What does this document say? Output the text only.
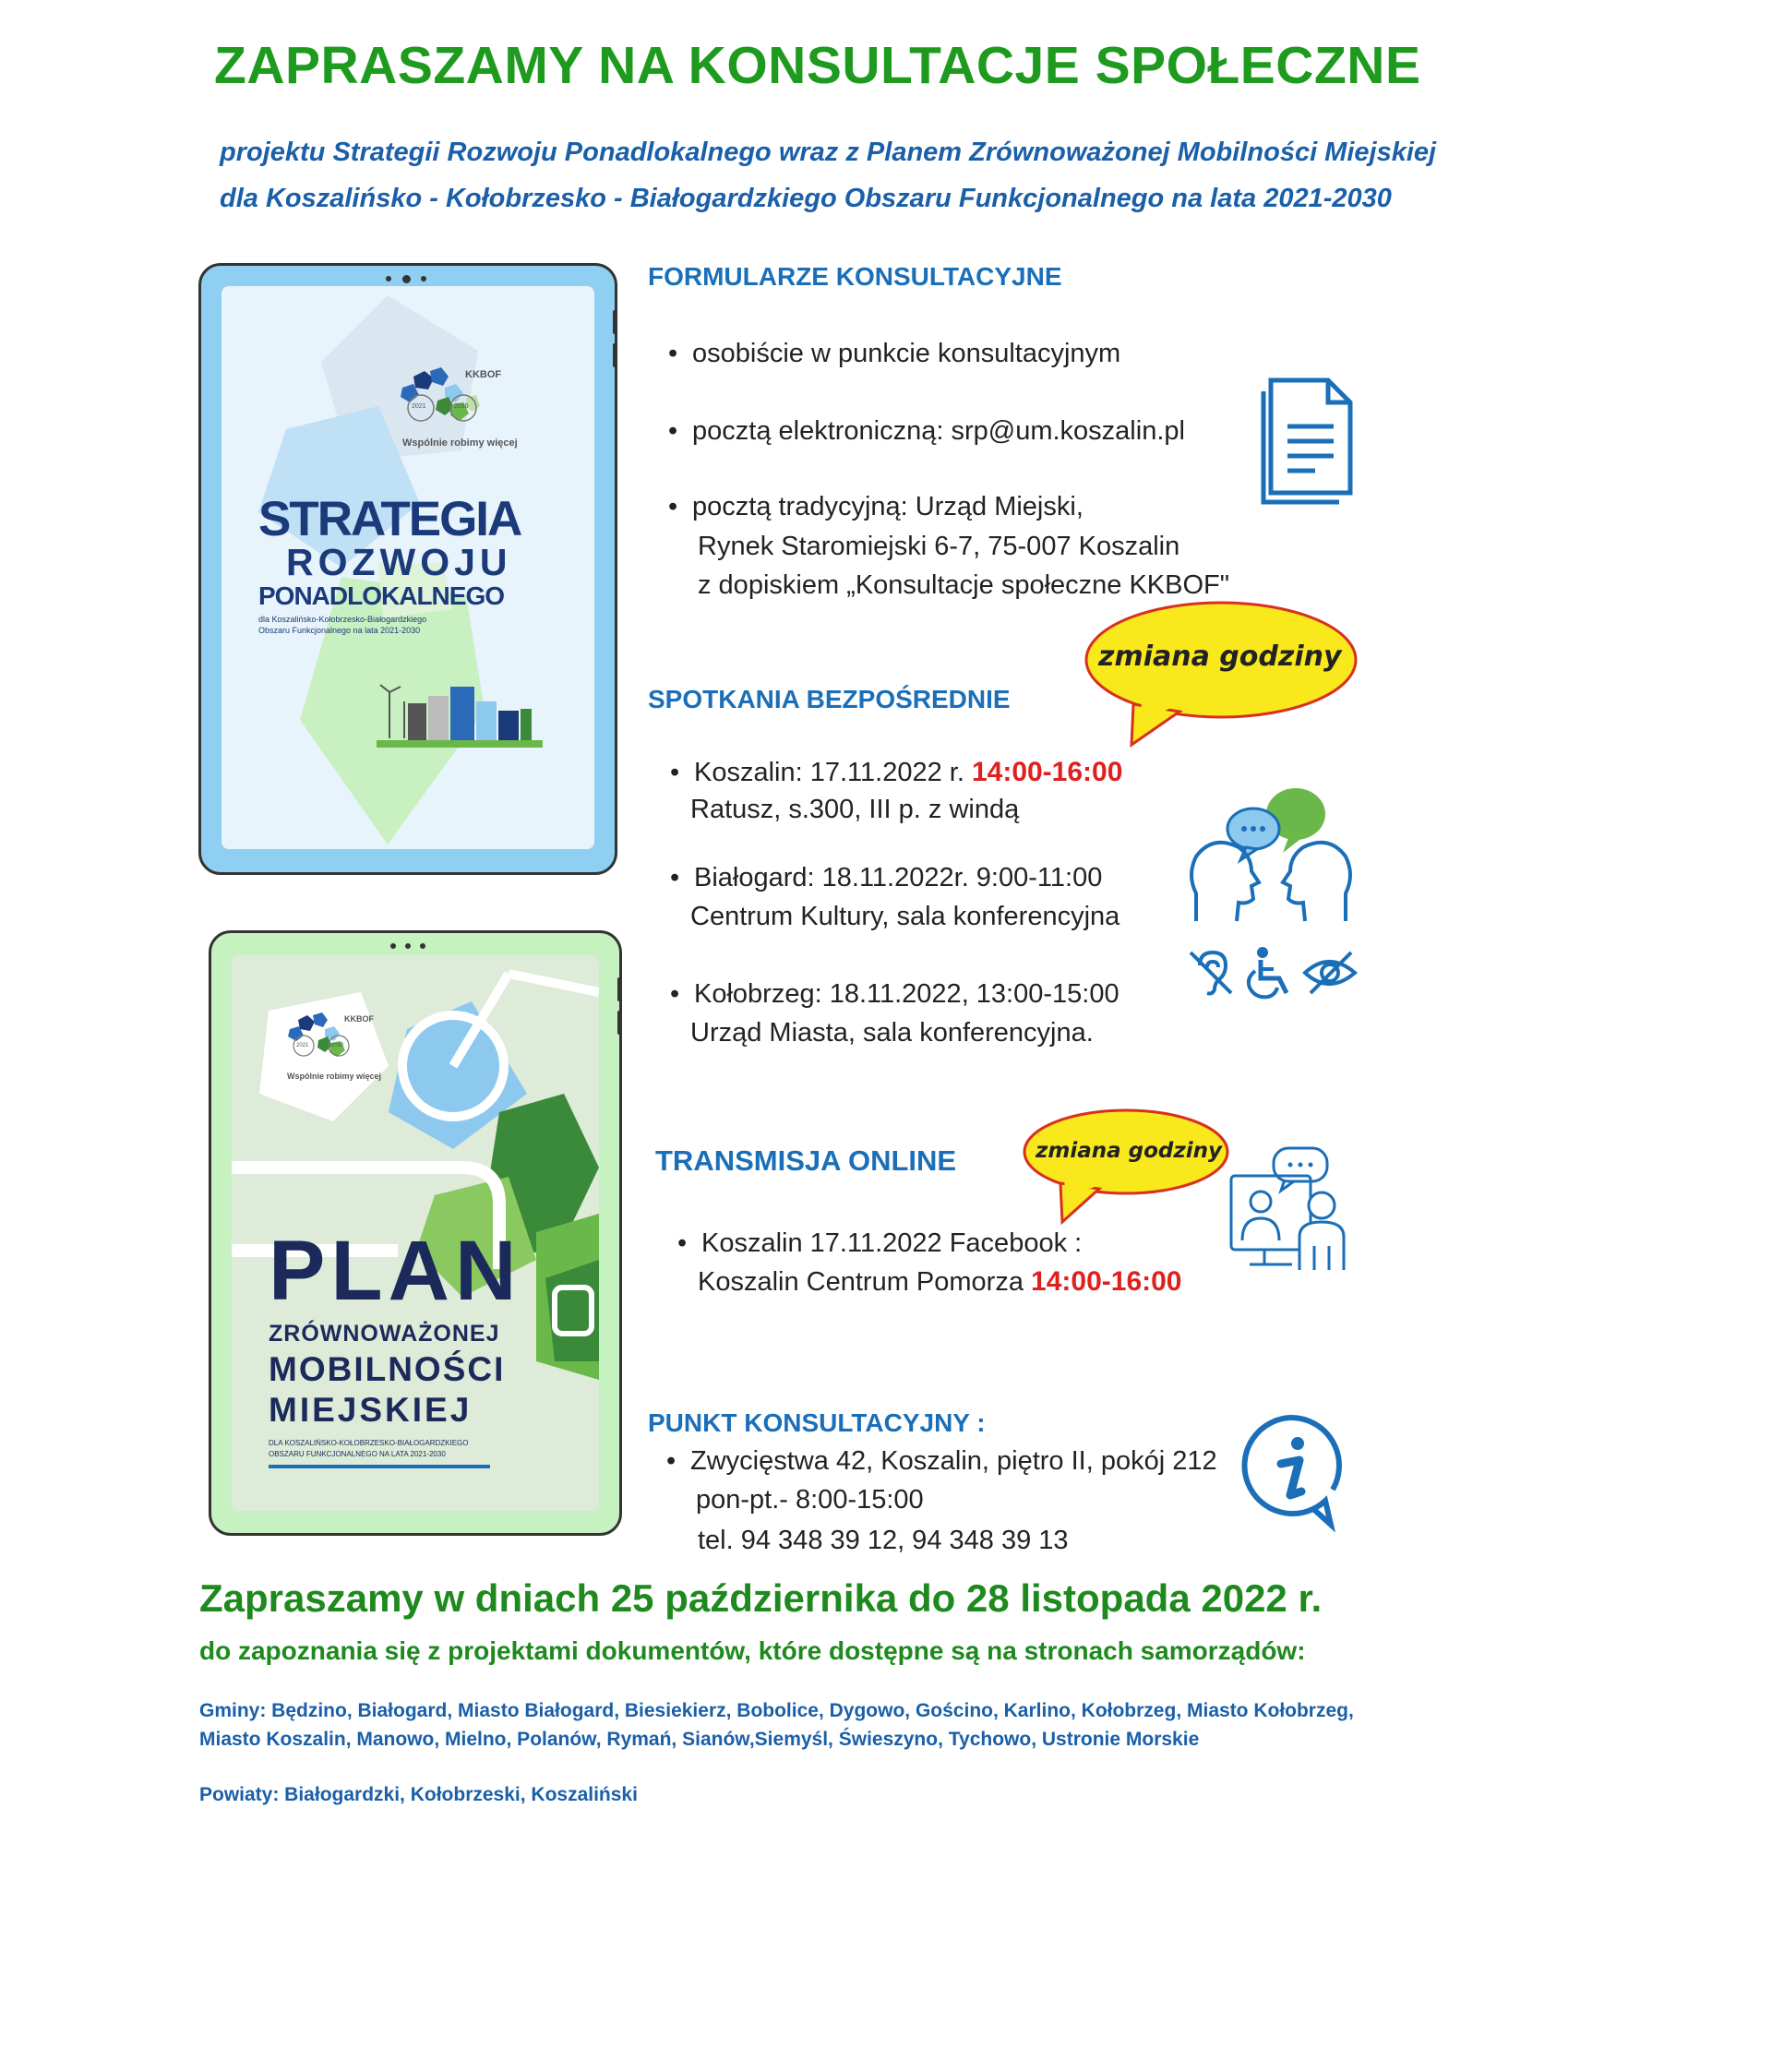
ZAPRASZAMY NA KONSULTACJE SPOŁECZNE
projektu Strategii Rozwoju Ponadlokalnego wraz z Planem Zrównoważonej Mobilności Miejskiej
dla Koszalińsko - Kołobrzesko - Białogardzkiego Obszaru Funkcjonalnego na lata 2021-2030
KKBOF
2021	2030
Wspólnie robimy więcej
STRATEGIA
ROZWOJU
PONADLOKALNEGO
dla Koszalińsko-Kołobrzesko-Białogardzkiego
Obszaru Funkcjonalnego na lata 2021-2030
KKBOF
2021	2030
Wspólnie robimy więcej
PLAN
ZRÓWNOWAŻONEJ
MOBILNOŚCI
MIEJSKIEJ
DLA KOSZALIŃSKO-KOŁOBRZESKO-BIAŁOGARDZKIEGO
OBSZARU FUNKCJONALNEGO NA LATA 2021-2030
FORMULARZE KONSULTACYJNE
• osobiście w punkcie konsultacyjnym
• pocztą elektroniczną: srp@um.koszalin.pl
• pocztą tradycyjną: Urząd Miejski,
Rynek Staromiejski 6-7, 75-007 Koszalin
z dopiskiem „Konsultacje społeczne KKBOF"
SPOTKANIA BEZPOŚREDNIE
zmiana godziny
• Koszalin: 17.11.2022 r. 14:00-16:00
Ratusz, s.300, III p. z windą
• Białogard: 18.11.2022r. 9:00-11:00
Centrum Kultury, sala konferencyjna
• Kołobrzeg: 18.11.2022, 13:00-15:00
Urząd Miasta, sala konferencyjna.
TRANSMISJA ONLINE	zmiana godziny
• Koszalin 17.11.2022 Facebook :
Koszalin Centrum Pomorza 14:00-16:00
PUNKT KONSULTACYJNY :
• Zwycięstwa 42, Koszalin, piętro II, pokój 212
pon-pt.- 8:00-15:00
tel. 94 348 39 12, 94 348 39 13
Zapraszamy w dniach 25 października do 28 listopada 2022 r.
do zapoznania się z projektami dokumentów, które dostępne są na stronach samorządów:
Gminy: Będzino, Białogard, Miasto Białogard, Biesiekierz, Bobolice, Dygowo, Gościno, Karlino, Kołobrzeg, Miasto Kołobrzeg,
Miasto Koszalin, Manowo, Mielno, Polanów, Rymań, Sianów,Siemyśl, Świeszyno, Tychowo, Ustronie Morskie
Powiaty: Białogardzki, Kołobrzeski, Koszaliński
